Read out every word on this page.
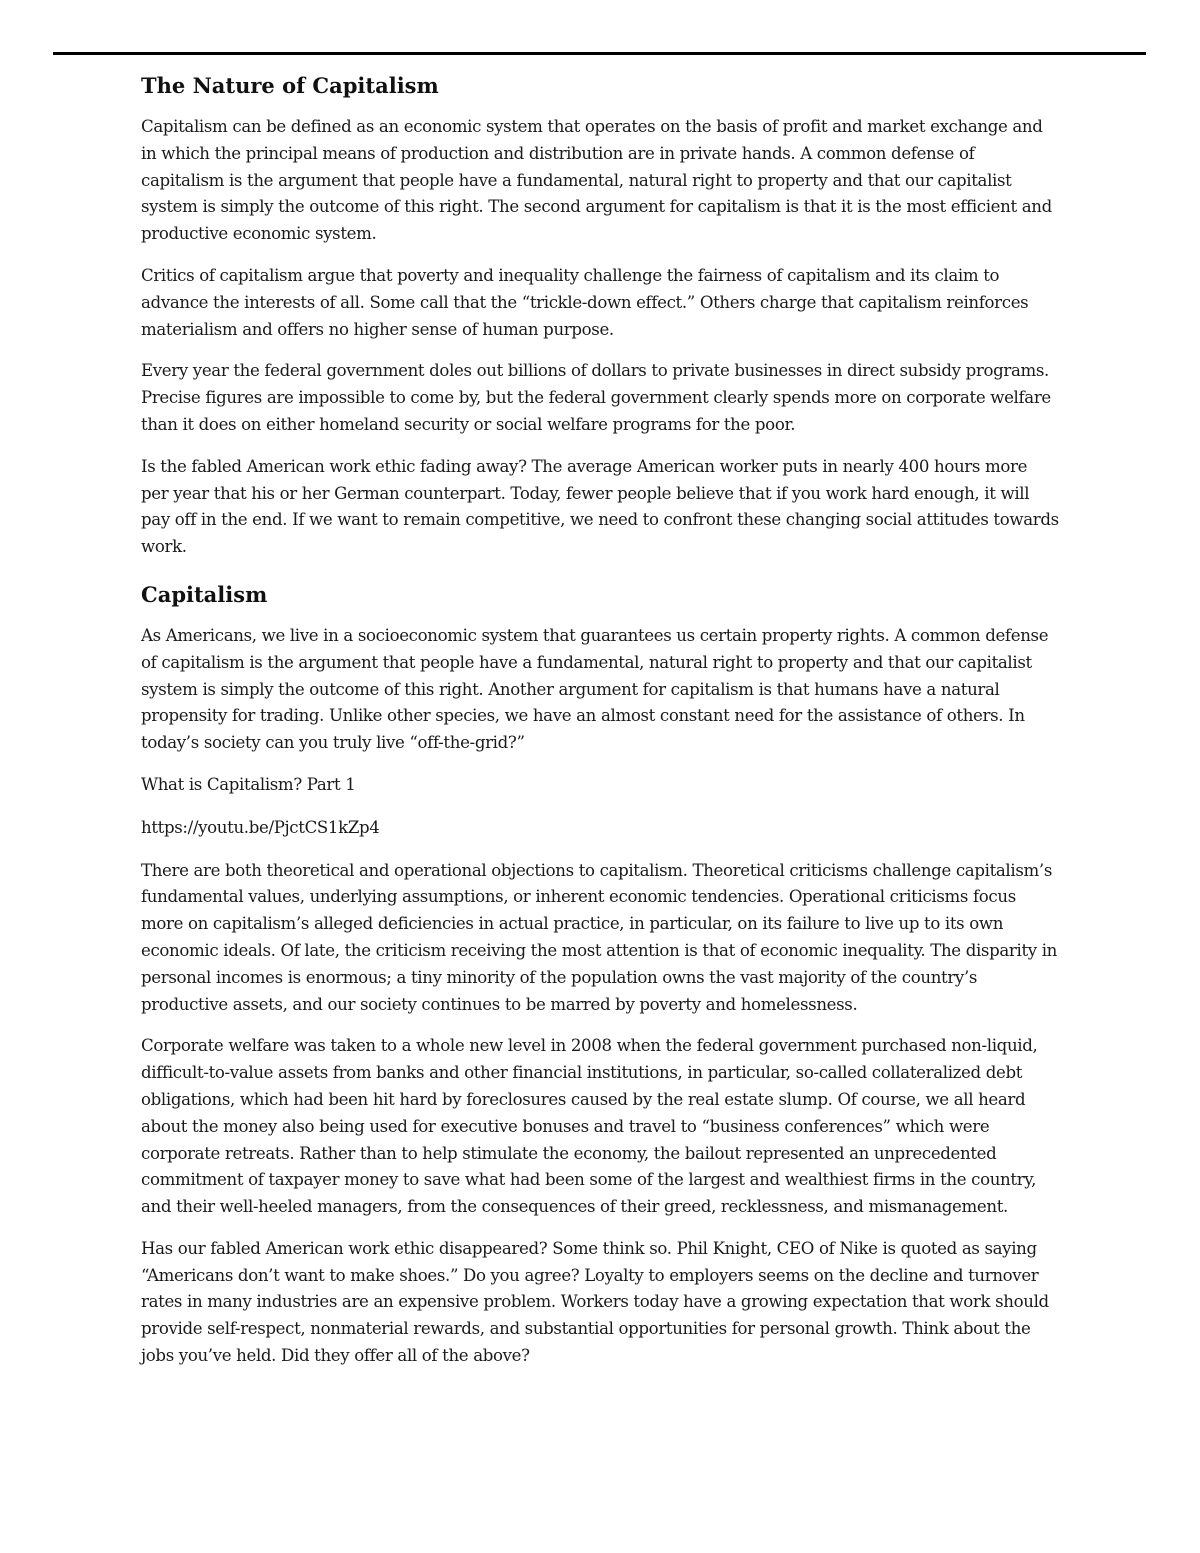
The Nature of Capitalism

Capitalism can be defined as an economic system that operates on the basis of profit and market exchange and in which the principal means of production and distribution are in private hands. A common defense of capitalism is the argument that people have a fundamental, natural right to property and that our capitalist system is simply the outcome of this right. The second argument for capitalism is that it is the most efficient and productive economic system.

Critics of capitalism argue that poverty and inequality challenge the fairness of capitalism and its claim to advance the interests of all. Some call that the “trickle-down effect.” Others charge that capitalism reinforces materialism and offers no higher sense of human purpose.

Every year the federal government doles out billions of dollars to private businesses in direct subsidy programs. Precise figures are impossible to come by, but the federal government clearly spends more on corporate welfare than it does on either homeland security or social welfare programs for the poor.

Is the fabled American work ethic fading away? The average American worker puts in nearly 400 hours more per year that his or her German counterpart. Today, fewer people believe that if you work hard enough, it will pay off in the end. If we want to remain competitive, we need to confront these changing social attitudes towards work.

Capitalism

As Americans, we live in a socioeconomic system that guarantees us certain property rights. A common defense of capitalism is the argument that people have a fundamental, natural right to property and that our capitalist system is simply the outcome of this right. Another argument for capitalism is that humans have a natural propensity for trading. Unlike other species, we have an almost constant need for the assistance of others. In today’s society can you truly live “off-the-grid?”

What is Capitalism? Part 1

https://youtu.be/PjctCS1kZp4

There are both theoretical and operational objections to capitalism. Theoretical criticisms challenge capitalism’s fundamental values, underlying assumptions, or inherent economic tendencies. Operational criticisms focus more on capitalism’s alleged deficiencies in actual practice, in particular, on its failure to live up to its own economic ideals. Of late, the criticism receiving the most attention is that of economic inequality. The disparity in personal incomes is enormous; a tiny minority of the population owns the vast majority of the country’s productive assets, and our society continues to be marred by poverty and homelessness.

Corporate welfare was taken to a whole new level in 2008 when the federal government purchased non-liquid, difficult-to-value assets from banks and other financial institutions, in particular, so-called collateralized debt obligations, which had been hit hard by foreclosures caused by the real estate slump. Of course, we all heard about the money also being used for executive bonuses and travel to “business conferences” which were corporate retreats. Rather than to help stimulate the economy, the bailout represented an unprecedented commitment of taxpayer money to save what had been some of the largest and wealthiest firms in the country, and their well-heeled managers, from the consequences of their greed, recklessness, and mismanagement.

Has our fabled American work ethic disappeared? Some think so. Phil Knight, CEO of Nike is quoted as saying “Americans don’t want to make shoes.” Do you agree? Loyalty to employers seems on the decline and turnover rates in many industries are an expensive problem. Workers today have a growing expectation that work should provide self-respect, nonmaterial rewards, and substantial opportunities for personal growth. Think about the jobs you’ve held. Did they offer all of the above?
